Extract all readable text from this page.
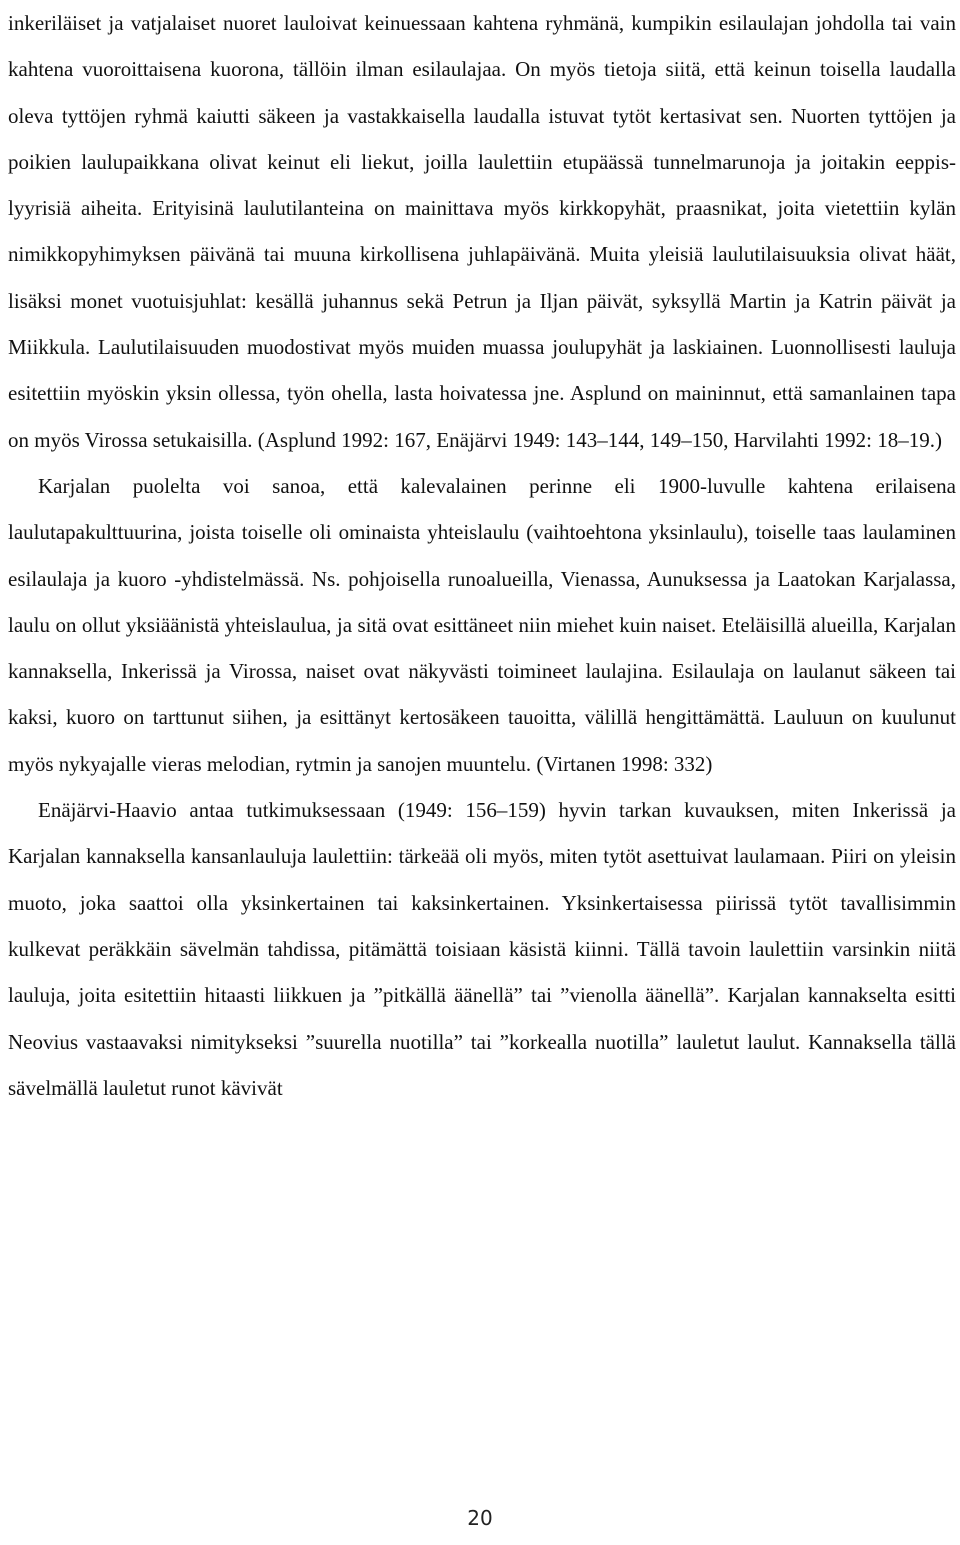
inkeriläiset ja vatjalaiset nuoret lauloivat keinuessaan kahtena ryhmänä, kumpikin esilaulajan johdolla tai vain kahtena vuoroittaisena kuorona, tällöin ilman esilaulajaa. On myös tietoja siitä, että keinun toisella laudalla oleva tyttöjen ryhmä kaiutti säkeen ja vastakkaisella laudalla istuvat tytöt kertasivat sen. Nuorten tyttöjen ja poikien laulupaikkana olivat keinut eli liekut, joilla laulettiin etupäässä tunnelmarunoja ja joitakin eeppis-lyyrisiä aiheita. Erityisinä laulutilanteina on mainittava myös kirkkopyhät, praasnikat, joita vietettiin kylän nimikkopyhimyksen päivänä tai muuna kirkollisena juhlapäivänä. Muita yleisiä laulutilaisuuksia olivat häät, lisäksi monet vuotuisjuhlat: kesällä juhannus sekä Petrun ja Iljan päivät, syksyllä Martin ja Katrin päivät ja Miikkula. Laulutilaisuuden muodostivat myös muiden muassa joulupyhät ja laskiainen. Luonnollisesti lauluja esitettiin myöskin yksin ollessa, työn ohella, lasta hoivatessa jne. Asplund on maininnut, että samanlainen tapa on myös Virossa setukaisilla. (Asplund 1992: 167, Enäjärvi 1949: 143–144, 149–150, Harvilahti 1992: 18–19.)

Karjalan puolelta voi sanoa, että kalevalainen perinne eli 1900-luvulle kahtena erilaisena laulutapakulttuurina, joista toiselle oli ominaista yhteislaulu (vaihtoehtona yksinlaulu), toiselle taas laulaminen esilaulaja ja kuoro -yhdistelmässä. Ns. pohjoisella runoalueilla, Vienassa, Aunuksessa ja Laatokan Karjalassa, laulu on ollut yksiäänistä yhteislaulua, ja sitä ovat esittäneet niin miehet kuin naiset. Eteläisillä alueilla, Karjalan kannaksella, Inkerissä ja Virossa, naiset ovat näkyvästi toimineet laulajina. Esilaulaja on laulanut säkeen tai kaksi, kuoro on tarttunut siihen, ja esittänyt kertosäkeen tauoitta, välillä hengittämättä. Lauluun on kuulunut myös nykyajalle vieras melodian, rytmin ja sanojen muuntelu. (Virtanen 1998: 332)

Enäjärvi-Haavio antaa tutkimuksessaan (1949: 156–159) hyvin tarkan kuvauksen, miten Inkerissä ja Karjalan kannaksella kansanlauluja laulettiin: tärkeää oli myös, miten tytöt asettuivat laulamaan. Piiri on yleisin muoto, joka saattoi olla yksinkertainen tai kaksinkertainen. Yksinkertaisessa piirissä tytöt tavallisimmin kulkevat peräkkäin sävelmän tahdissa, pitämättä toisiaan käsistä kiinni. Tällä tavoin laulettiin varsinkin niitä lauluja, joita esitettiin hitaasti liikkuen ja ”pitkällä äänellä” tai ”vienolla äänellä”. Karjalan kannakselta esitti Neovius vastaavaksi nimitykseksi ”suurella nuotilla” tai ”korkealla nuotilla” lauletut laulut. Kannaksella tällä sävelmällä lauletut runot kävivät

20
